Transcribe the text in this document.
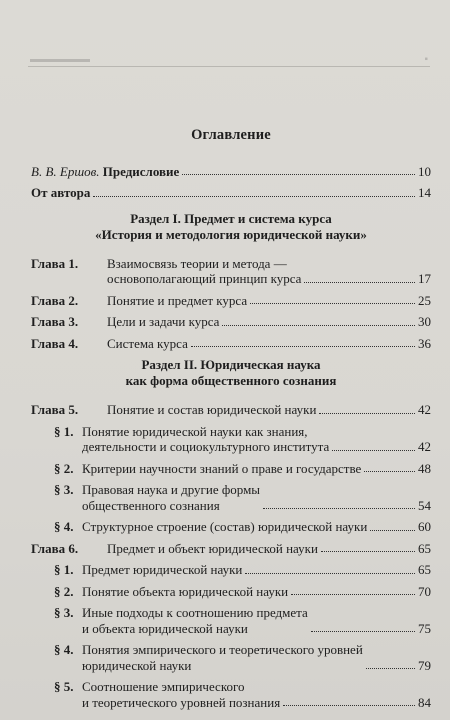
▬▬▬▬▬▬	▪
Оглавление
В. В. Ершов. Предисловие	10
От автора	14
Раздел I. Предмет и система курса
«История и методология юридической науки»
Глава 1.	Взаимосвязь теории и метода —
основополагающий принцип курса	17
Глава 2.	Понятие и предмет курса	25
Глава 3.	Цели и задачи курса	30
Глава 4.	Система курса	36
Раздел II. Юридическая наука
как форма общественного сознания
Глава 5.	Понятие и состав юридической науки	42
§ 1. Понятие юридической науки как знания,
деятельности и социокультурного института	42
§ 2. Критерии научности знаний о праве и государстве	48
§ 3. Правовая наука и другие формы
общественного сознания	54
§ 4. Структурное строение (состав) юридической науки	60
Глава 6.	Предмет и объект юридической науки	65
§ 1. Предмет юридической науки	65
§ 2. Понятие объекта юридической науки	70
§ 3. Иные подходы к соотношению предмета
и объекта юридической науки	75
§ 4. Понятия эмпирического и теоретического уровней
юридической науки	79
§ 5. Соотношение эмпирического
и теоретического уровней познания	84
